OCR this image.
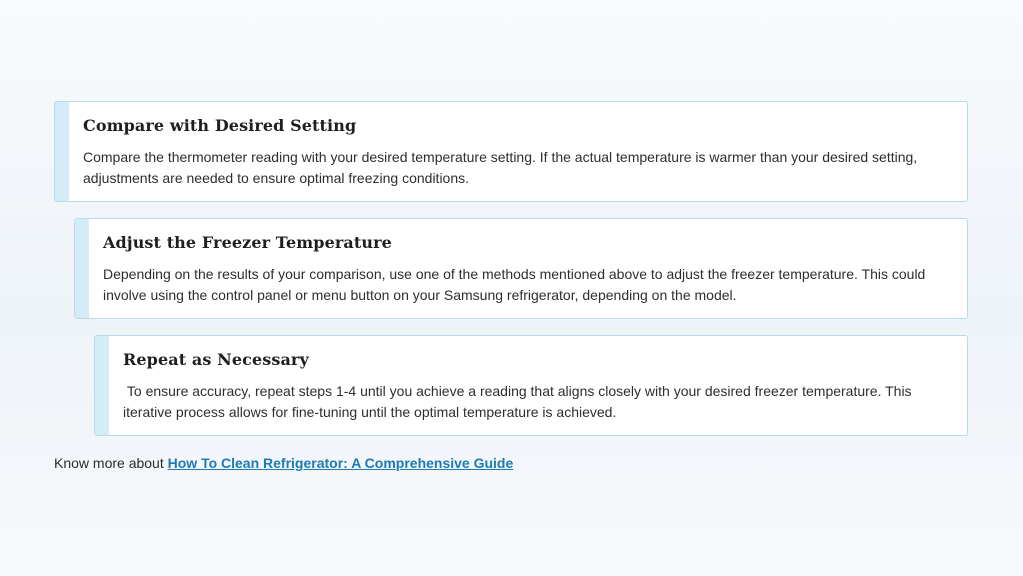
Compare with Desired Setting

Compare the thermometer reading with your desired temperature setting. If the actual temperature is warmer than your desired setting, adjustments are needed to ensure optimal freezing conditions.

Adjust the Freezer Temperature

Depending on the results of your comparison, use one of the methods mentioned above to adjust the freezer temperature. This could involve using the control panel or menu button on your Samsung refrigerator, depending on the model.

Repeat as Necessary

To ensure accuracy, repeat steps 1-4 until you achieve a reading that aligns closely with your desired freezer temperature. This iterative process allows for fine-tuning until the optimal temperature is achieved.

Know more about How To Clean Refrigerator: A Comprehensive Guide
